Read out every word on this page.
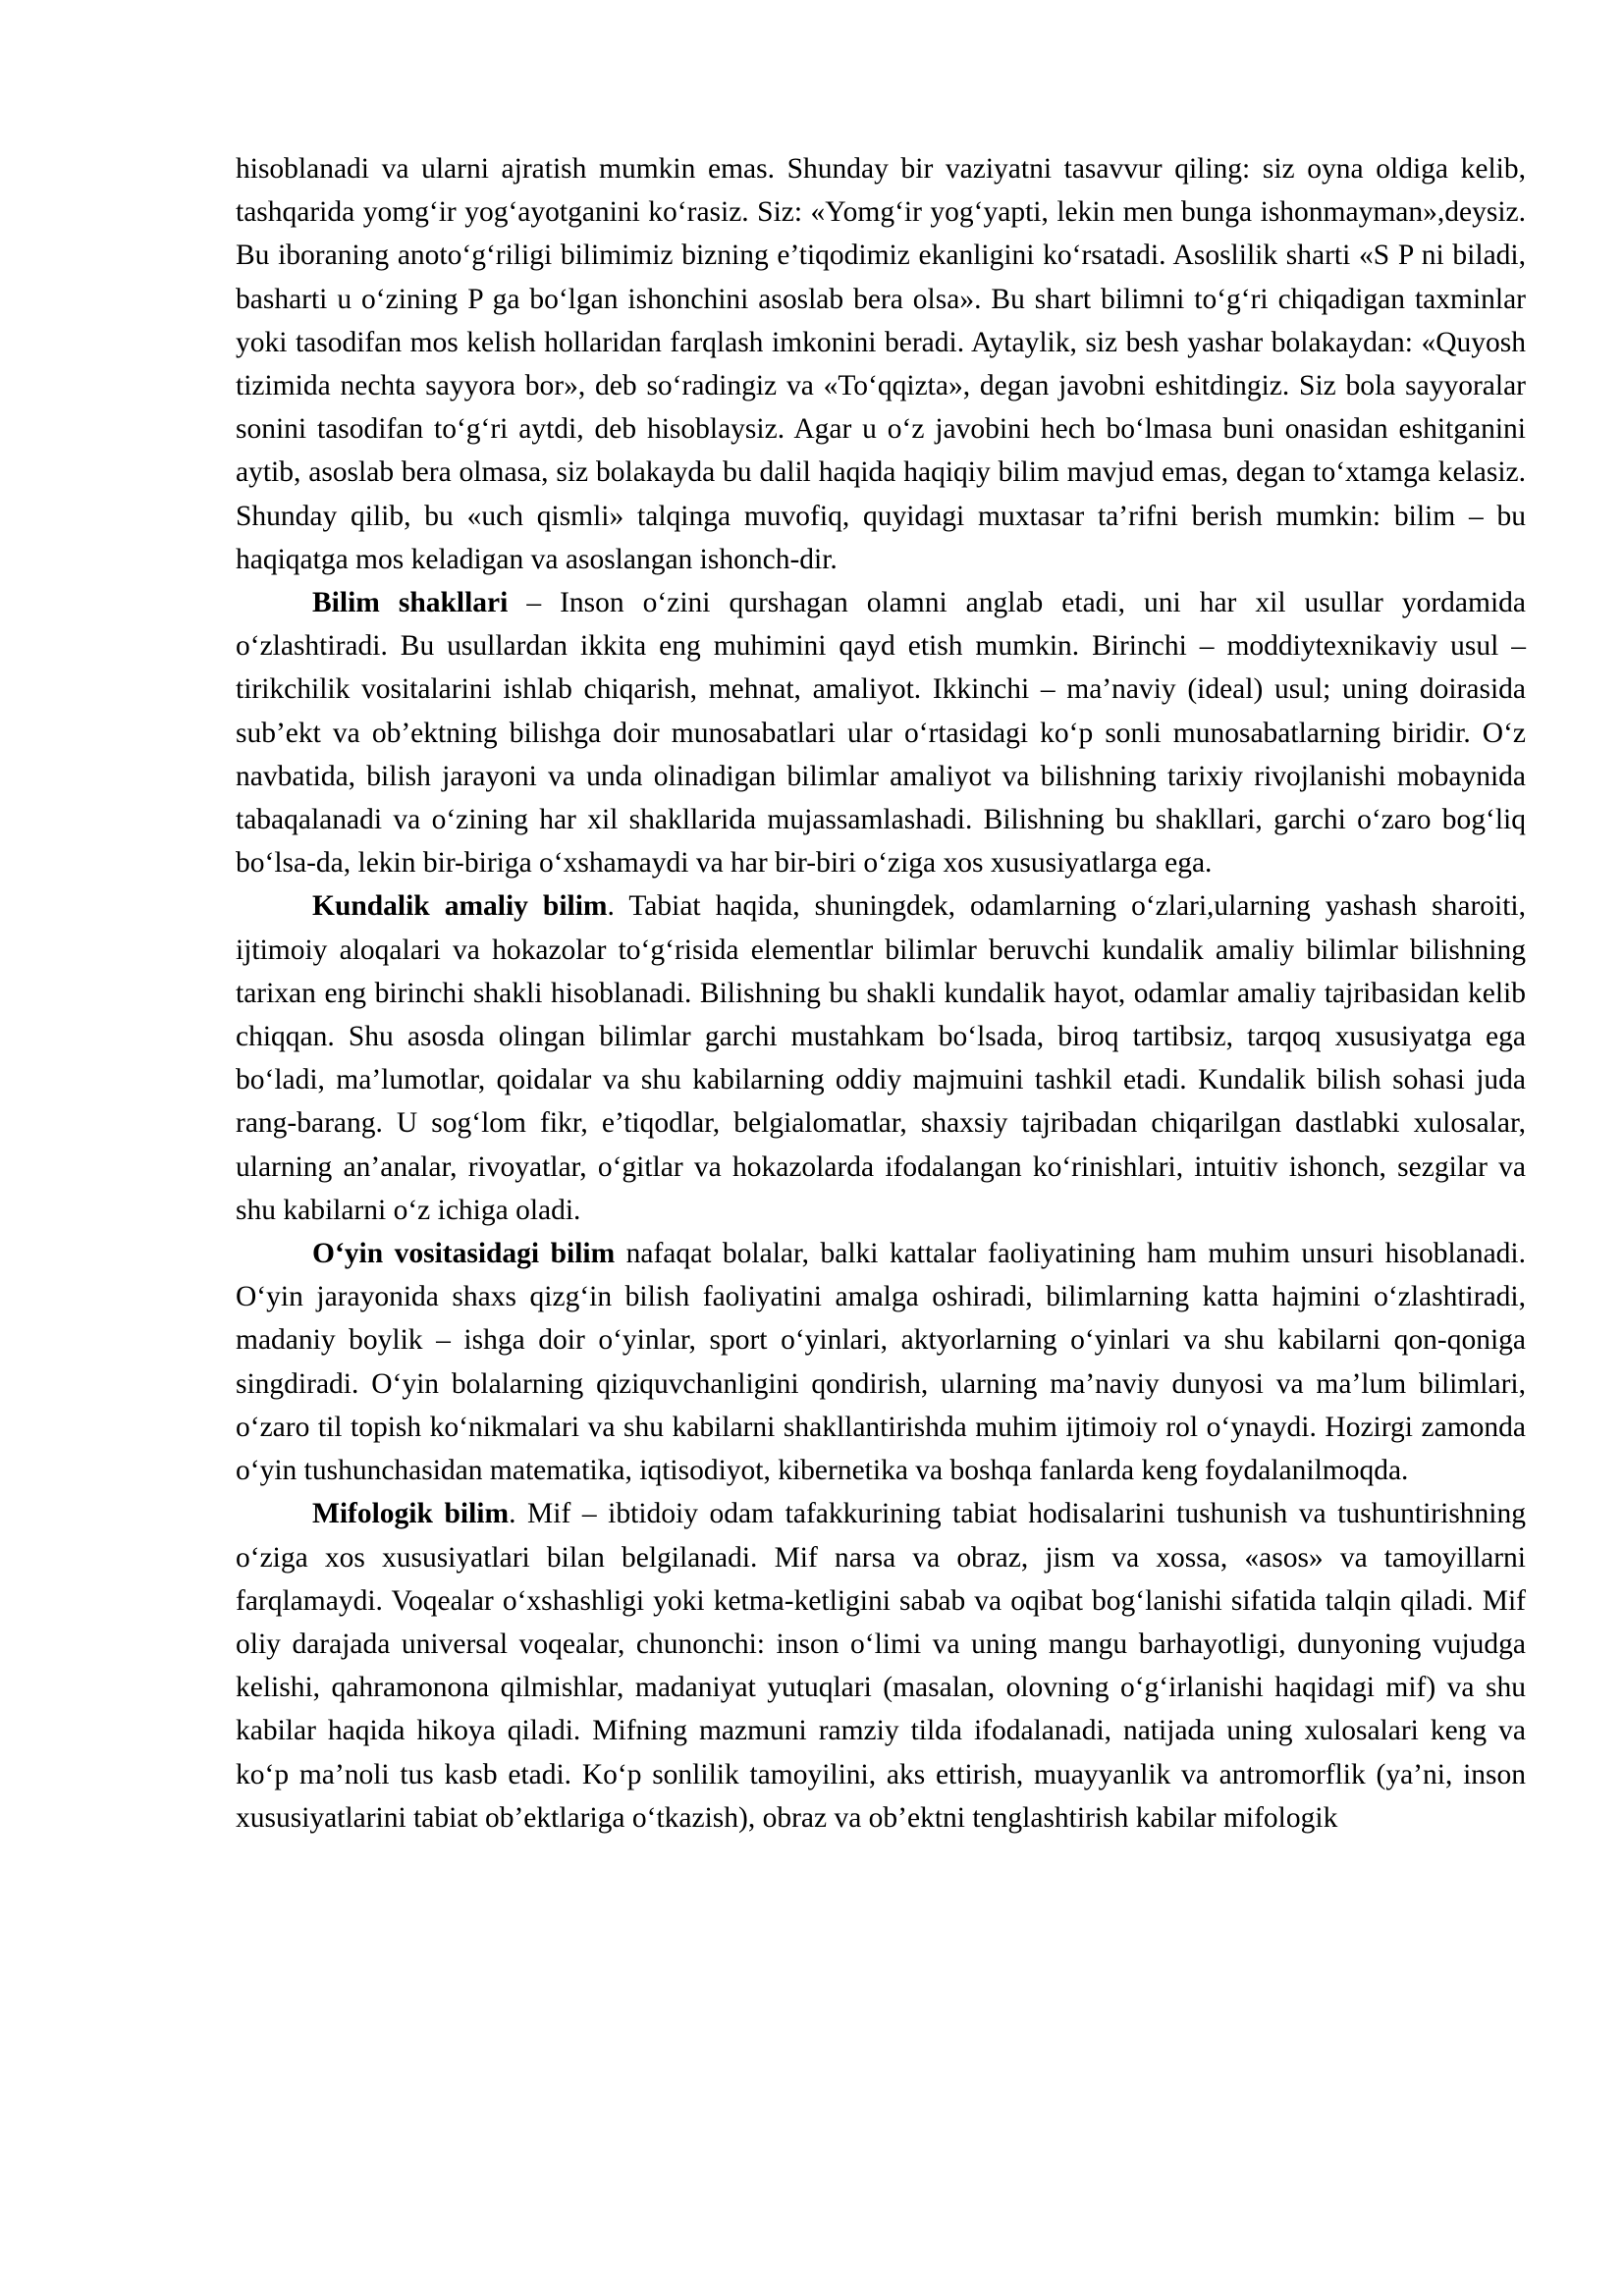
hisoblanadi va ularni ajratish mumkin emas. Shunday bir vaziyatni tasavvur qiling: siz oyna oldiga kelib, tashqarida yomg‘ir yog‘ayotganini ko‘rasiz. Siz: «Yomg‘ir yog‘yapti, lekin men bunga ishonmayman»,deysiz. Bu iboraning anoto‘g‘riligi bilimimiz bizning e’tiqodimiz ekanligini ko‘rsatadi. Asoslilik sharti «S P ni biladi, basharti u o‘zining P ga bo‘lgan ishonchini asoslab bera olsa». Bu shart bilimni to‘g‘ri chiqadigan taxminlar yoki tasodifan mos kelish hollaridan farqlash imkonini beradi. Aytaylik, siz besh yashar bolakaydan: «Quyosh tizimida nechta sayyora bor», deb so‘radingiz va «To‘qqizta», degan javobni eshitdingiz. Siz bola sayyoralar sonini tasodifan to‘g‘ri aytdi, deb hisoblaysiz. Agar u o‘z javobini hech bo‘lmasa buni onasidan eshitganini aytib, asoslab bera olmasa, siz bolakayda bu dalil haqida haqiqiy bilim mavjud emas, degan to‘xtamga kelasiz. Shunday qilib, bu «uch qismli» talqinga muvofiq, quyidagi muxtasar ta’rifni berish mumkin: bilim – bu haqiqatga mos keladigan va asoslangan ishonch-dir.

Bilim shakllari – Inson o‘zini qurshagan olamni anglab etadi, uni har xil usullar yordamida o‘zlashtiradi. Bu usullardan ikkita eng muhimini qayd etish mumkin. Birinchi – moddiytexnikaviy usul – tirikchilik vositalarini ishlab chiqarish, mehnat, amaliyot. Ikkinchi – ma’naviy (ideal) usul; uning doirasida sub’ekt va ob’ektning bilishga doir munosabatlari ular o‘rtasidagi ko‘p sonli munosabatlarning biridir. O‘z navbatida, bilish jarayoni va unda olinadigan bilimlar amaliyot va bilishning tarixiy rivojlanishi mobaynida tabaqalanadi va o‘zining har xil shakllarida mujassamlashadi. Bilishning bu shakllari, garchi o‘zaro bog‘liq bo‘lsa-da, lekin bir-biriga o‘xshamaydi va har bir-biri o‘ziga xos xususiyatlarga ega.

Kundalik amaliy bilim. Tabiat haqida, shuningdek, odamlarning o‘zlari,ularning yashash sharoiti, ijtimoiy aloqalari va hokazolar to‘g‘risida elementlar bilimlar beruvchi kundalik amaliy bilimlar bilishning tarixan eng birinchi shakli hisoblanadi. Bilishning bu shakli kundalik hayot, odamlar amaliy tajribasidan kelib chiqqan. Shu asosda olingan bilimlar garchi mustahkam bo‘lsada, biroq tartibsiz, tarqoq xususiyatga ega bo‘ladi, ma’lumotlar, qoidalar va shu kabilarning oddiy majmuini tashkil etadi. Kundalik bilish sohasi juda rang-barang. U sog‘lom fikr, e’tiqodlar, belgialomatlar, shaxsiy tajribadan chiqarilgan dastlabki xulosalar, ularning an’analar, rivoyatlar, o‘gitlar va hokazolarda ifodalangan ko‘rinishlari, intuitiv ishonch, sezgilar va shu kabilarni o‘z ichiga oladi.

O‘yin vositasidagi bilim nafaqat bolalar, balki kattalar faoliyatining ham muhim unsuri hisoblanadi. O‘yin jarayonida shaxs qizg‘in bilish faoliyatini amalga oshiradi, bilimlarning katta hajmini o‘zlashtiradi, madaniy boylik – ishga doir o‘yinlar, sport o‘yinlari, aktyorlarning o‘yinlari va shu kabilarni qon-qoniga singdiradi. O‘yin bolalarning qiziquvchanligini qondirish, ularning ma’naviy dunyosi va ma’lum bilimlari, o‘zaro til topish ko‘nikmalari va shu kabilarni shakllantirishda muhim ijtimoiy rol o‘ynaydi. Hozirgi zamonda o‘yin tushunchasidan matematika, iqtisodiyot, kibernetika va boshqa fanlarda keng foydalanilmoqda.

Mifologik bilim. Mif – ibtidoiy odam tafakkurining tabiat hodisalarini tushunish va tushuntirishning o‘ziga xos xususiyatlari bilan belgilanadi. Mif narsa va obraz, jism va xossa, «asos» va tamoyillarni farqlamaydi. Voqealar o‘xshashligi yoki ketma-ketligini sabab va oqibat bog‘lanishi sifatida talqin qiladi. Mif oliy darajada universal voqealar, chunonchi: inson o‘limi va uning mangu barhayotligi, dunyoning vujudga kelishi, qahramonona qilmishlar, madaniyat yutuqlari (masalan, olovning o‘g‘irlanishi haqidagi mif) va shu kabilar haqida hikoya qiladi. Mifning mazmuni ramziy tilda ifodalanadi, natijada uning xulosalari keng va ko‘p ma’noli tus kasb etadi. Ko‘p sonlilik tamoyilini, aks ettirish, muayyanlik va antromorflik (ya’ni, inson xususiyatlarini tabiat ob’ektlariga o‘tkazish), obraz va ob’ektni tenglashtirish kabilar mifologik
